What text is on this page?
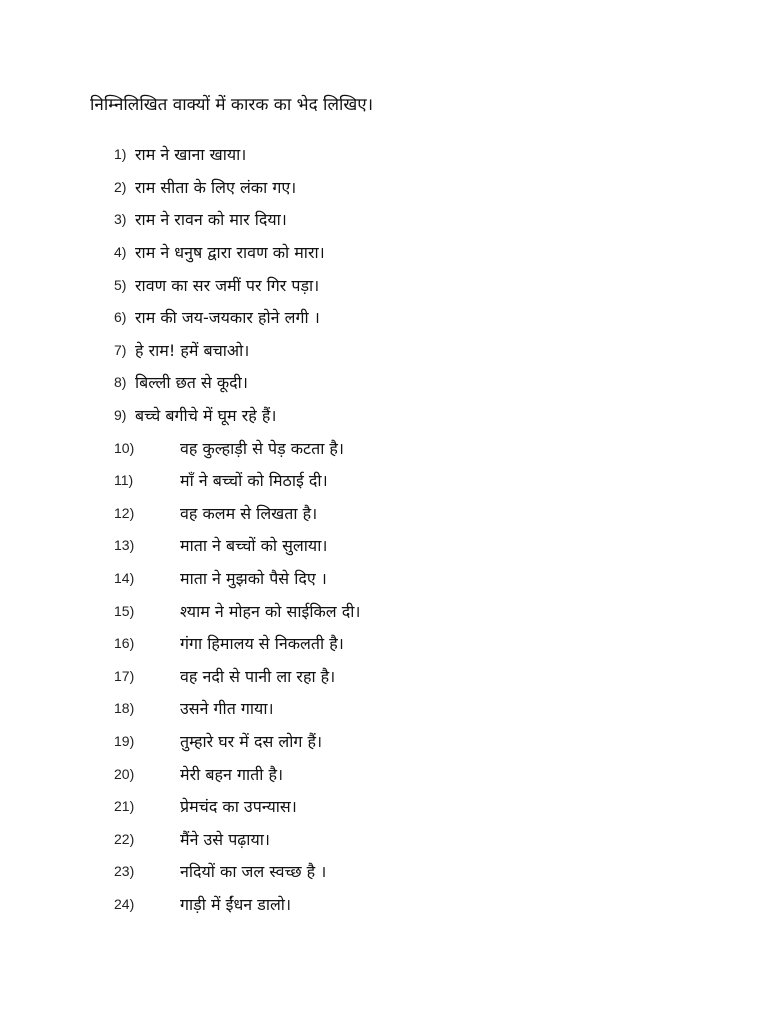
निम्निलिखित वाक्यों में कारक का भेद लिखिए।
1) राम ने खाना खाया।
2) राम सीता के लिए लंका गए।
3) राम ने रावन को मार दिया।
4) राम ने धनुष द्वारा रावण को मारा।
5) रावण का सर जमीं पर गिर पड़ा।
6) राम की जय-जयकार होने लगी ।
7) हे राम! हमें बचाओ।
8) बिल्ली छत से कूदी।
9) बच्चे बगीचे में घूम रहे हैं।
10)	वह कुल्हाड़ी से पेड़ कटता है।
11)	माँ ने बच्चों को मिठाई दी।
12)	वह कलम से लिखता है।
13)	माता ने बच्चों को सुलाया।
14)	माता ने मुझको पैसे दिए ।
15)	श्याम ने मोहन को साईकिल दी।
16)	गंगा हिमालय से निकलती है।
17)	वह नदी से पानी ला रहा है।
18)	उसने गीत गाया।
19)	तुम्हारे घर में दस लोग हैं।
20)	मेरी बहन गाती है।
21)	प्रेमचंद का उपन्यास।
22)	मैंने उसे पढ़ाया।
23)	नदियों का जल स्वच्छ है ।
24)	गाड़ी में ईंधन डालो।
